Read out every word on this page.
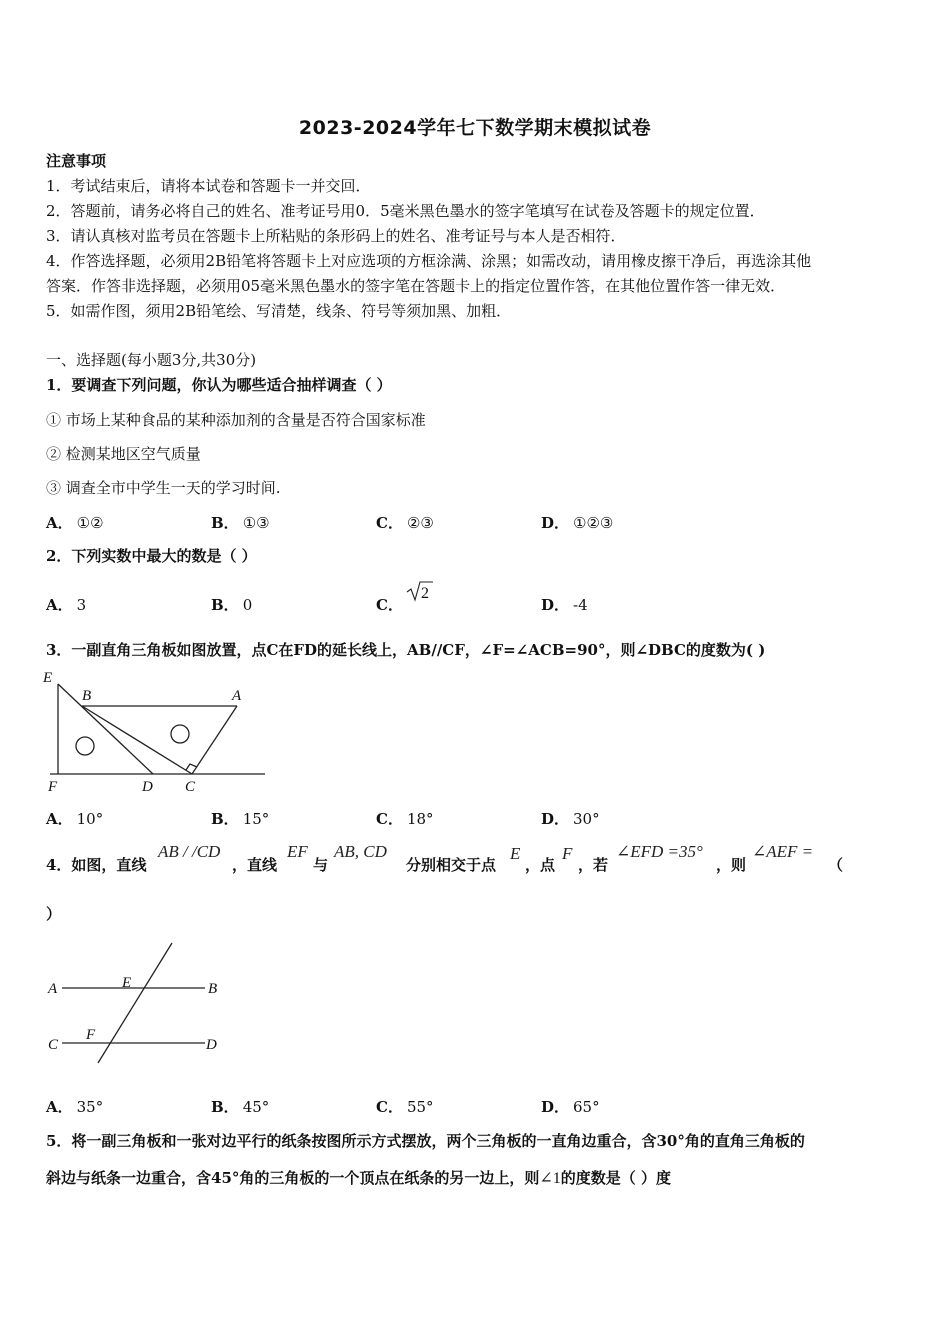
2023-2024学年七下数学期末模拟试卷
注意事项
1．考试结束后，请将本试卷和答题卡一并交回．
2．答题前，请务必将自己的姓名、准考证号用0．5毫米黑色墨水的签字笔填写在试卷及答题卡的规定位置．
3．请认真核对监考员在答题卡上所粘贴的条形码上的姓名、准考证号与本人是否相符．
4．作答选择题，必须用2B铅笔将答题卡上对应选项的方框涂满、涂黑；如需改动，请用橡皮擦干净后，再选涂其他
答案．作答非选择题，必须用05毫米黑色墨水的签字笔在答题卡上的指定位置作答，在其他位置作答一律无效．
5．如需作图，须用2B铅笔绘、写清楚，线条、符号等须加黑、加粗．
一、选择题(每小题3分,共30分)
1．要调查下列问题，你认为哪些适合抽样调查（ ）
① 市场上某种食品的某种添加剂的含量是否符合国家标准
② 检测某地区空气质量
③ 调查全市中学生一天的学习时间.
A． ①②	B． ①③	C． ②③	D． ①②③
2．下列实数中最大的数是（ ）
A． 3	B． 0	C．
2
D． -4
3．一副直角三角板如图放置，点C在FD的延长线上，AB//CF，∠F=∠ACB=90°，则∠DBC的度数为( )
E
B	A
F	D C
A． 10°	B． 15°	C． 18°	D． 30°
4．如图，直线
AB / /CD
，直线
EF
与
AB, CD
分别相交于点
E
，点
F
，若
∠EFD =35°
，则
∠AEF =
（
）
A	E	B
C
F
D
A． 35°	B． 45°	C． 55°	D． 65°
5．将一副三角板和一张对边平行的纸条按图所示方式摆放，两个三角板的一直角边重合，含30°角的直角三角板的
斜边与纸条一边重合，含45°角的三角板的一个顶点在纸条的另一边上，则∠1的度数是（ ）度
